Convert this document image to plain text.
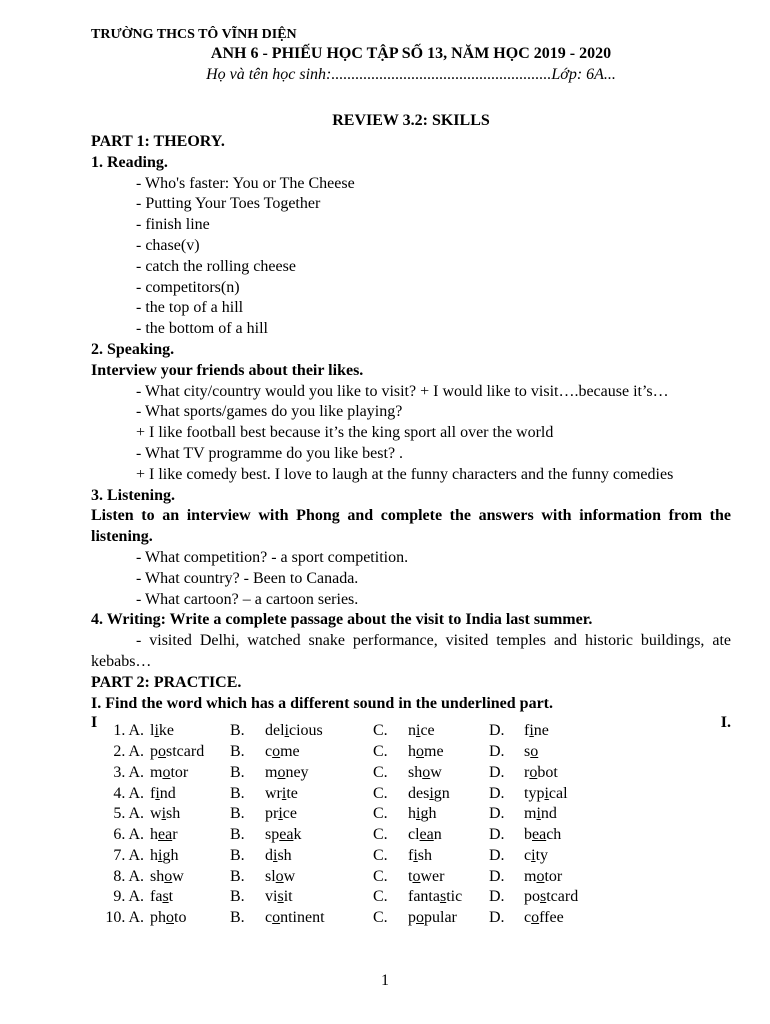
TRƯỜNG THCS TÔ VĨNH DIỆN

ANH 6 - PHIẾU HỌC TẬP SỐ 13, NĂM HỌC 2019 - 2020

Họ và tên học sinh:.......................................................Lớp: 6A...

REVIEW 3.2: SKILLS

PART 1: THEORY.

1. Reading.

- Who's faster: You or The Cheese

- Putting Your Toes Together

- finish line

- chase(v)

- catch the rolling cheese

- competitors(n)

- the top of a hill

- the bottom of a hill

2. Speaking.

Interview your friends about their likes.

- What city/country would you like to visit? + I would like to visit….because it’s…

- What sports/games do you like playing?

+ I like football best because it’s the king sport all over the world

- What TV programme do you like best? .

+ I like comedy best. I love to laugh at the funny characters and the funny comedies

3. Listening.

Listen to an interview with Phong and complete the answers with information from the listening.

- What competition? - a sport competition.

- What country? - Been to Canada.

- What cartoon? – a cartoon series.

4. Writing: Write a complete passage about the visit to India last summer.

- visited Delhi, watched snake performance, visited temples and historic buildings, ate kebabs…

PART 2: PRACTICE.

I. Find the word which has a different sound in the underlined part.

I	I.
1. A.	like	B.	delicious	C.	nice	D.	fine
2. A.	postcard	B.	come	C.	home	D.	so
3. A.	motor	B.	money	C.	show	D.	robot
4. A.	find	B.	write	C.	design	D.	typical
5. A.	wish	B.	price	C.	high	D.	mind
6. A.	hear	B.	speak	C.	clean	D.	beach
7. A.	high	B.	dish	C.	fish	D.	city
8. A.	show	B.	slow	C.	tower	D.	motor
9. A.	fast	B.	visit	C.	fantastic	D.	postcard
10. A.	photo	B.	continent	C.	popular	D.	coffee
1
